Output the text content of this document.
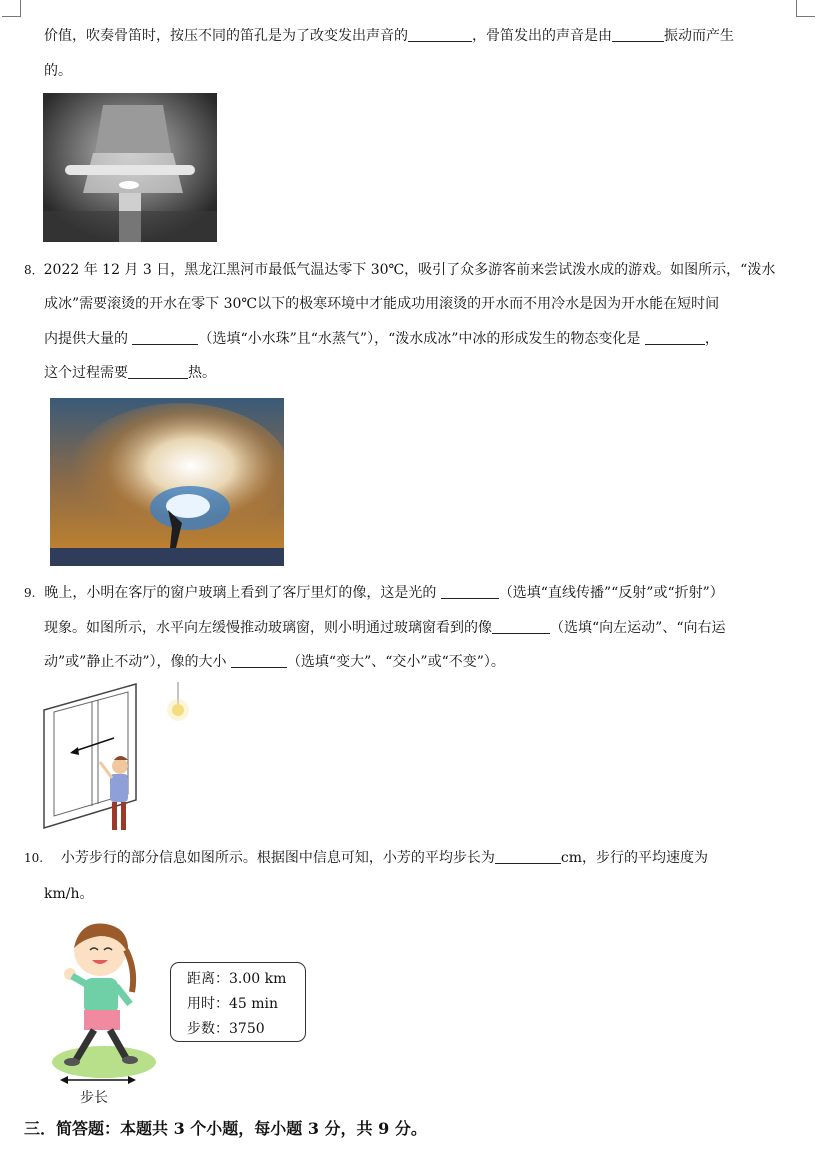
价值，吹奏骨笛时，按压不同的笛孔是为了改变发出声音的	，骨笛发出的声音是由	振动而产生
的。
8．2022 年 12 月 3 日，黑龙江黑河市最低气温达零下 30℃，吸引了众多游客前来尝试泼水成的游戏。如图所示，“泼水
成冰”需要滚烫的开水在零下 30℃以下的极寒环境中才能成功用滚烫的开水而不用冷水是因为开水能在短时间
内提供大量的	（选填“小水珠”且“水蒸气”），“泼水成冰”中冰的形成发生的物态变化是	，
这个过程需要	热。
9. 晚上，小明在客厅的窗户玻璃上看到了客厅里灯的像，这是光的	（选填“直线传播”“反射”或“折射”）
现象。如图所示，水平向左缓慢推动玻璃窗，则小明通过玻璃窗看到的像	（选填“向左运动”、“向右运
动”或”静止不动”），像的大小	（选填“变大”、“交小”或“不变”）。
10. 小芳步行的部分信息如图所示。根据图中信息可知，小芳的平均步长为	cm，步行的平均速度为
km/h。
步长
距离：3.00 km
用时：45 min
步数：3750
三．简答题：本题共 3 个小题，每小题 3 分，共 9 分。
